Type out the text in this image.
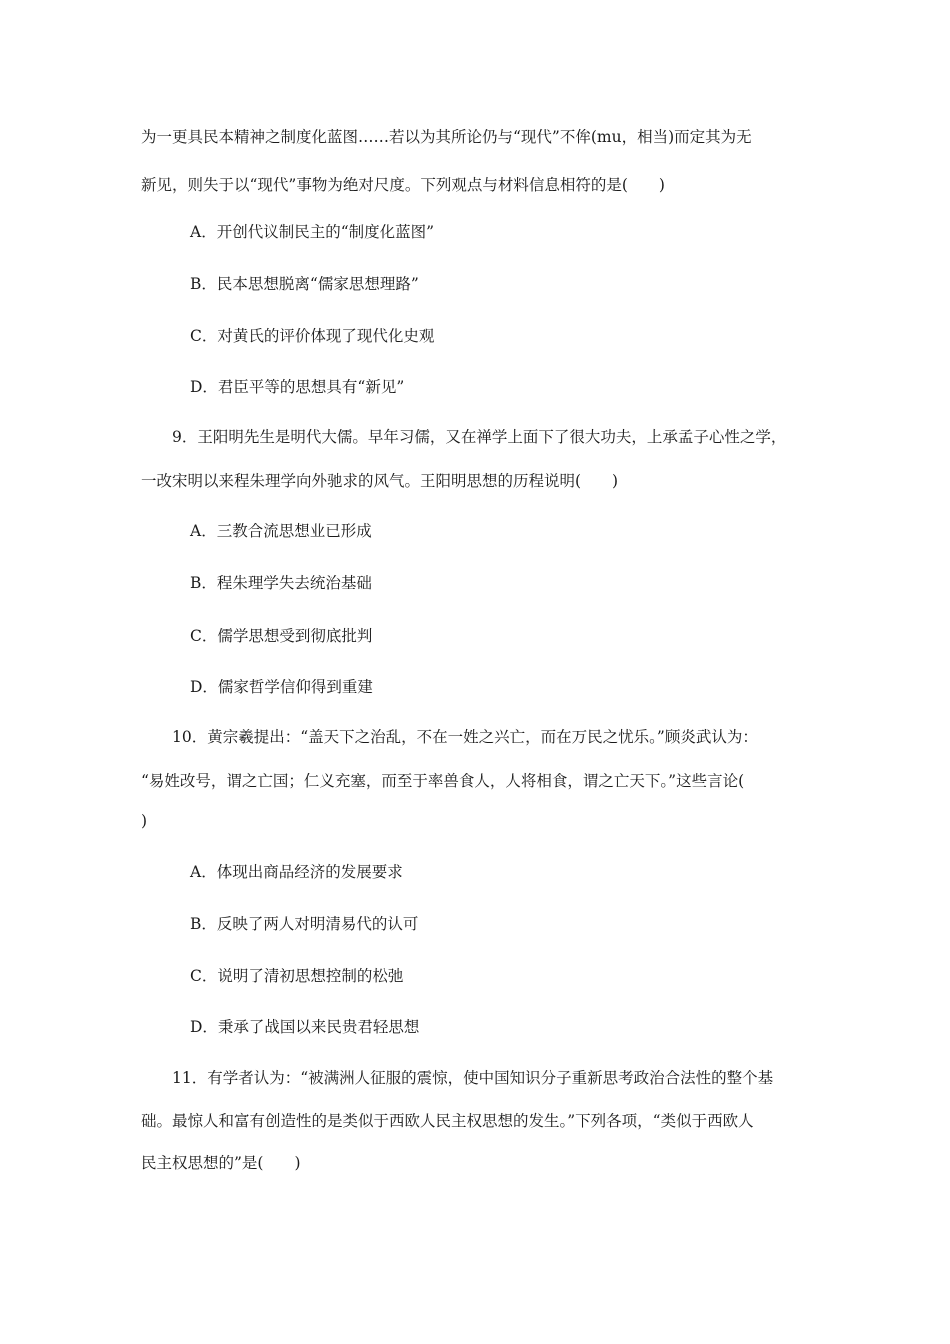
为一更具民本精神之制度化蓝图……若以为其所论仍与“现代”不侔(mu，相当)而定其为无
新见，则失于以“现代”事物为绝对尺度。下列观点与材料信息相符的是(　　)
A．开创代议制民主的“制度化蓝图”
B．民本思想脱离“儒家思想理路”
C．对黄氏的评价体现了现代化史观
D．君臣平等的思想具有“新见”
9．王阳明先生是明代大儒。早年习儒，又在禅学上面下了很大功夫，上承孟子心性之学，
一改宋明以来程朱理学向外驰求的风气。王阳明思想的历程说明(　　)
A．三教合流思想业已形成
B．程朱理学失去统治基础
C．儒学思想受到彻底批判
D．儒家哲学信仰得到重建
10．黄宗羲提出：“盖天下之治乱，不在一姓之兴亡，而在万民之忧乐。”顾炎武认为：
“易姓改号，谓之亡国；仁义充塞，而至于率兽食人，人将相食，谓之亡天下。”这些言论(
)
A．体现出商品经济的发展要求
B．反映了两人对明清易代的认可
C．说明了清初思想控制的松弛
D．秉承了战国以来民贵君轻思想
11．有学者认为：“被满洲人征服的震惊，使中国知识分子重新思考政治合法性的整个基
础。最惊人和富有创造性的是类似于西欧人民主权思想的发生。”下列各项，“类似于西欧人
民主权思想的”是(　　)
